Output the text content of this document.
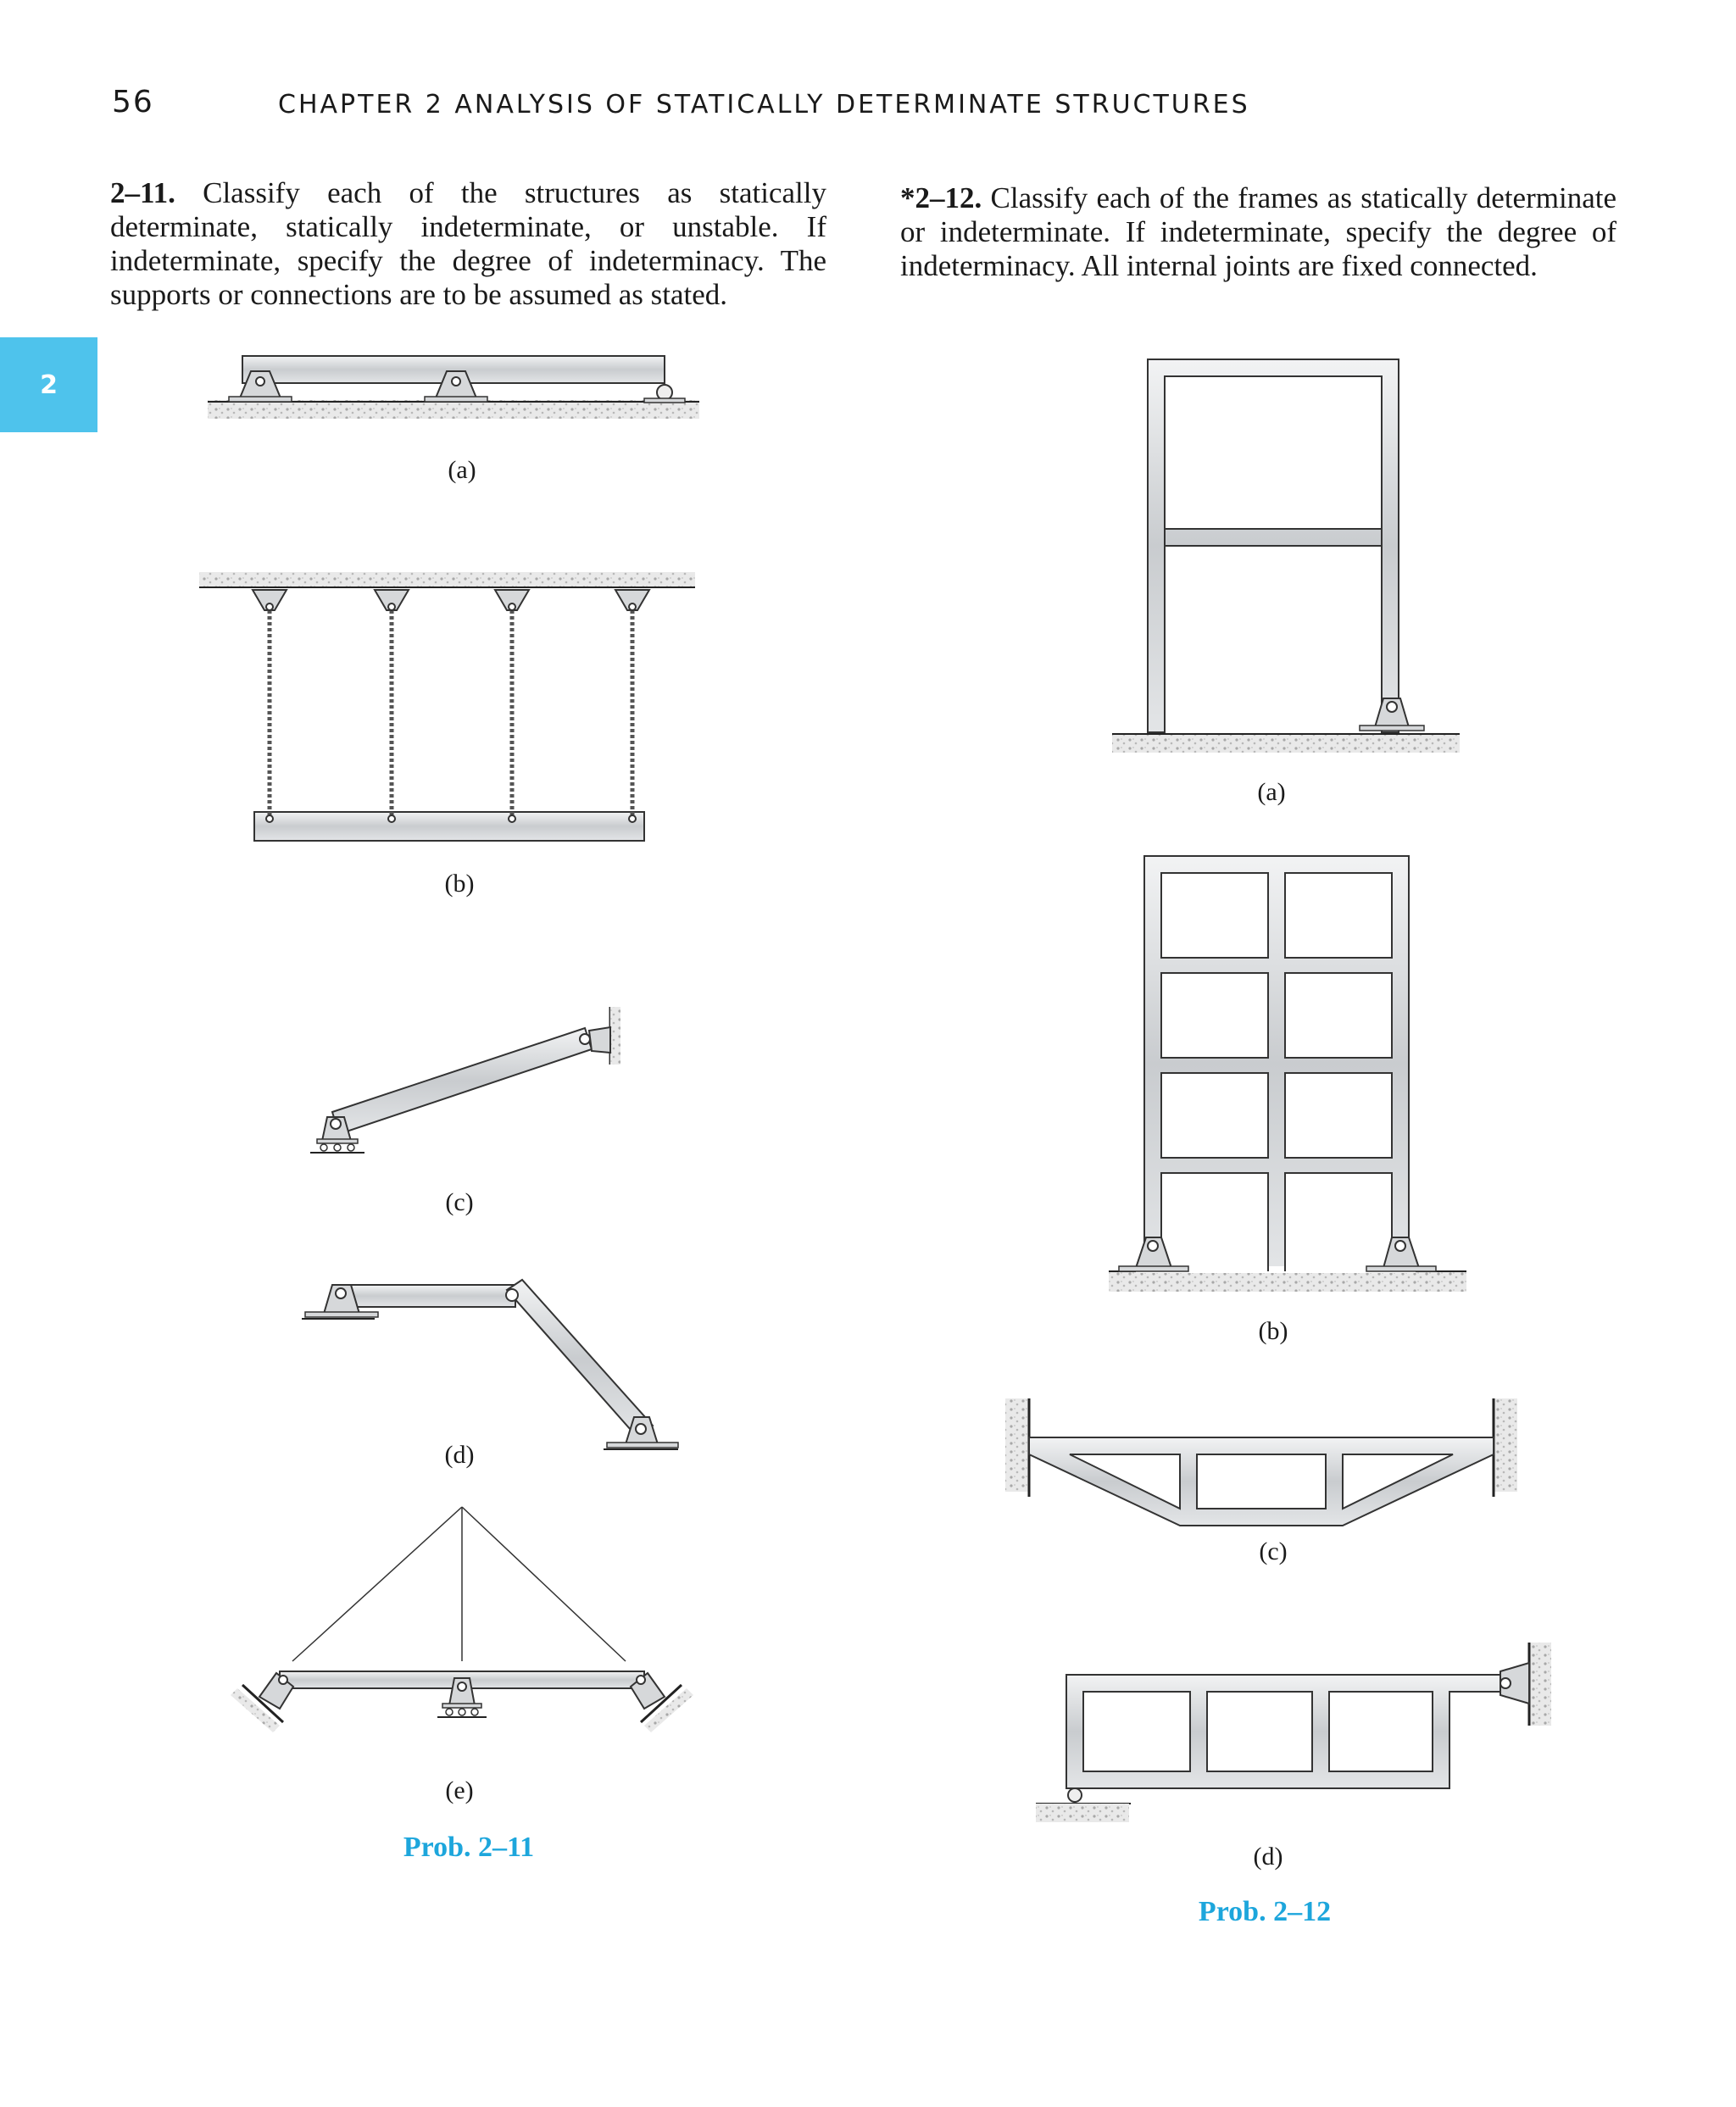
56	CHAPTER 2 ANALYSIS OF STATICALLY DETERMINATE STRUCTURES
2
2–11. Classify each of the structures as statically determinate, statically indeterminate, or unstable. If indeterminate, specify the degree of indeterminacy. The supports or connections are to be assumed as stated.
*2–12. Classify each of the frames as statically determinate or indeterminate. If indeterminate, specify the degree of indeterminacy. All internal joints are fixed connected.
(a)
(b)
(c)
(d)
(e)
Prob. 2–11
(a)
(b)
(c)
(d)
Prob. 2–12
